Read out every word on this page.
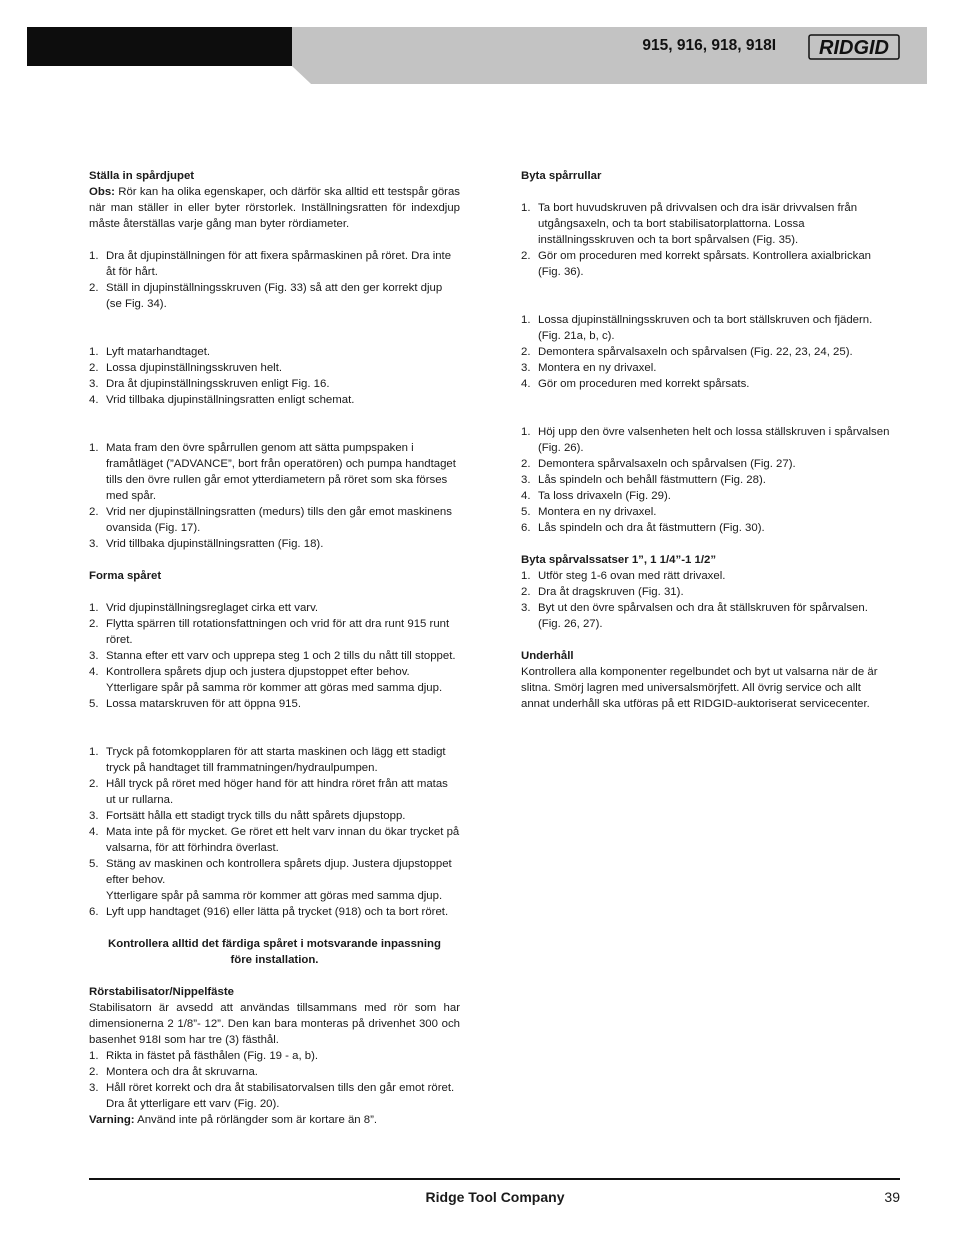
915, 916, 918, 918I RIDGID
Ställa in spårdjupet
Obs: Rör kan ha olika egenskaper, och därför ska alltid ett testspår göras när man ställer in eller byter rörstorlek. Inställningsratten för indexdjup måste återställas varje gång man byter rördiameter.
1. Dra åt djupinställningen för att fixera spårmaskinen på röret. Dra inte åt för hårt.
2. Ställ in djupinställningsskruven (Fig. 33) så att den ger korrekt djup (se Fig. 34).
1. Lyft matarhandtaget.
2. Lossa djupinställningsskruven helt.
3. Dra åt djupinställningsskruven enligt Fig. 16.
4. Vrid tillbaka djupinställningsratten enligt schemat.
1. Mata fram den övre spårrullen genom att sätta pumpspaken i framåtläget (”ADVANCE”, bort från operatören) och pumpa handtaget tills den övre rullen går emot ytterdiametern på röret som ska förses med spår.
2. Vrid ner djupinställningsratten (medurs) tills den går emot maskinens ovansida (Fig. 17).
3. Vrid tillbaka djupinställningsratten (Fig. 18).
Forma spåret
1. Vrid djupinställningsreglaget cirka ett varv.
2. Flytta spärren till rotationsfattningen och vrid för att dra runt 915 runt röret.
3. Stanna efter ett varv och upprepa steg 1 och 2 tills du nått till stoppet.
4. Kontrollera spårets djup och justera djupstoppet efter behov. Ytterligare spår på samma rör kommer att göras med samma djup.
5. Lossa matarskruven för att öppna 915.
1. Tryck på fotomkopplaren för att starta maskinen och lägg ett stadigt tryck på handtaget till frammatningen/hydraulpumpen.
2. Håll tryck på röret med höger hand för att hindra röret från att matas ut ur rullarna.
3. Fortsätt hålla ett stadigt tryck tills du nått spårets djupstopp.
4. Mata inte på för mycket. Ge röret ett helt varv innan du ökar trycket på valsarna, för att förhindra överlast.
5. Stäng av maskinen och kontrollera spårets djup. Justera djupstoppet efter behov.
Ytterligare spår på samma rör kommer att göras med samma djup.
6. Lyft upp handtaget (916) eller lätta på trycket (918) och ta bort röret.
Kontrollera alltid det färdiga spåret i motsvarande inpassning före installation.
Rörstabilisator/Nippelfäste
Stabilisatorn är avsedd att användas tillsammans med rör som har dimensionerna 2 1/8”- 12”. Den kan bara monteras på drivenhet 300 och basenhet 918I som har tre (3) fästhål.
1. Rikta in fästet på fästhålen (Fig. 19 - a, b).
2. Montera och dra åt skruvarna.
3. Håll röret korrekt och dra åt stabilisatorvalsen tills den går emot röret. Dra åt ytterligare ett varv (Fig. 20).
Varning: Använd inte på rörlängder som är kortare än 8”.
Byta spårrullar
1. Ta bort huvudskruven på drivvalsen och dra isär drivvalsen från utgångsaxeln, och ta bort stabilisatorplattorna. Lossa inställningsskruven och ta bort spårvalsen (Fig. 35).
2. Gör om proceduren med korrekt spårsats. Kontrollera axialbrickan (Fig. 36).
1. Lossa djupinställningsskruven och ta bort ställskruven och fjädern. (Fig. 21a, b, c).
2. Demontera spårvalsaxeln och spårvalsen (Fig. 22, 23, 24, 25).
3. Montera en ny drivaxel.
4. Gör om proceduren med korrekt spårsats.
1. Höj upp den övre valsenheten helt och lossa ställskruven i spårvalsen (Fig. 26).
2. Demontera spårvalsaxeln och spårvalsen (Fig. 27).
3. Lås spindeln och behåll fästmuttern (Fig. 28).
4. Ta loss drivaxeln (Fig. 29).
5. Montera en ny drivaxel.
6. Lås spindeln och dra åt fästmuttern (Fig. 30).
Byta spårvalssatser 1”, 1 1/4”-1 1/2”
1. Utför steg 1-6 ovan med rätt drivaxel.
2. Dra åt dragskruven (Fig. 31).
3. Byt ut den övre spårvalsen och dra åt ställskruven för spårvalsen. (Fig. 26, 27).
Underhåll
Kontrollera alla komponenter regelbundet och byt ut valsarna när de är slitna. Smörj lagren med universalsmörjfett. All övrig service och allt annat underhåll ska utföras på ett RIDGID-auktoriserat servicecenter.
Ridge Tool Company	39
